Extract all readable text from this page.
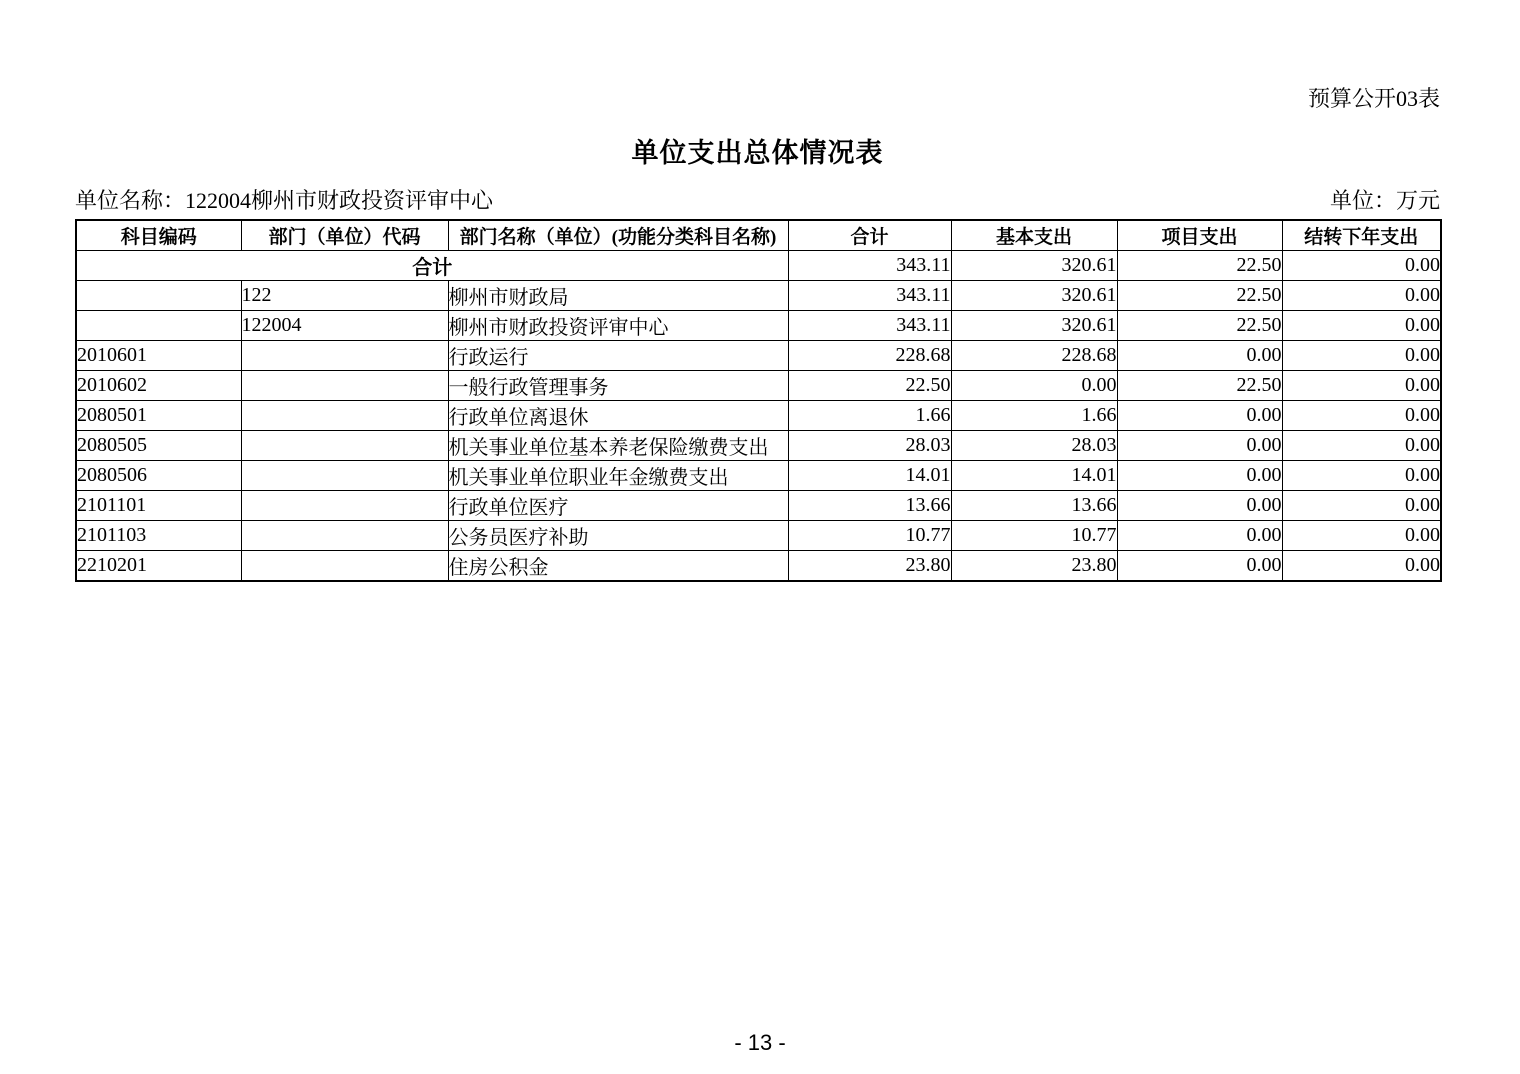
预算公开03表
单位支出总体情况表
单位名称：122004柳州市财政投资评审中心	单位：万元
科目编码	部门（单位）代码	部门名称（单位）(功能分类科目名称)	合计	基本支出	项目支出	结转下年支出
合计			343.11	320.61	22.50	0.00
	122	柳州市财政局	343.11	320.61	22.50	0.00
	122004	柳州市财政投资评审中心	343.11	320.61	22.50	0.00
2010601		行政运行	228.68	228.68	0.00	0.00
2010602		一般行政管理事务	22.50	0.00	22.50	0.00
2080501		行政单位离退休	1.66	1.66	0.00	0.00
2080505		机关事业单位基本养老保险缴费支出	28.03	28.03	0.00	0.00
2080506		机关事业单位职业年金缴费支出	14.01	14.01	0.00	0.00
2101101		行政单位医疗	13.66	13.66	0.00	0.00
2101103		公务员医疗补助	10.77	10.77	0.00	0.00
2210201		住房公积金	23.80	23.80	0.00	0.00
- 13 -
